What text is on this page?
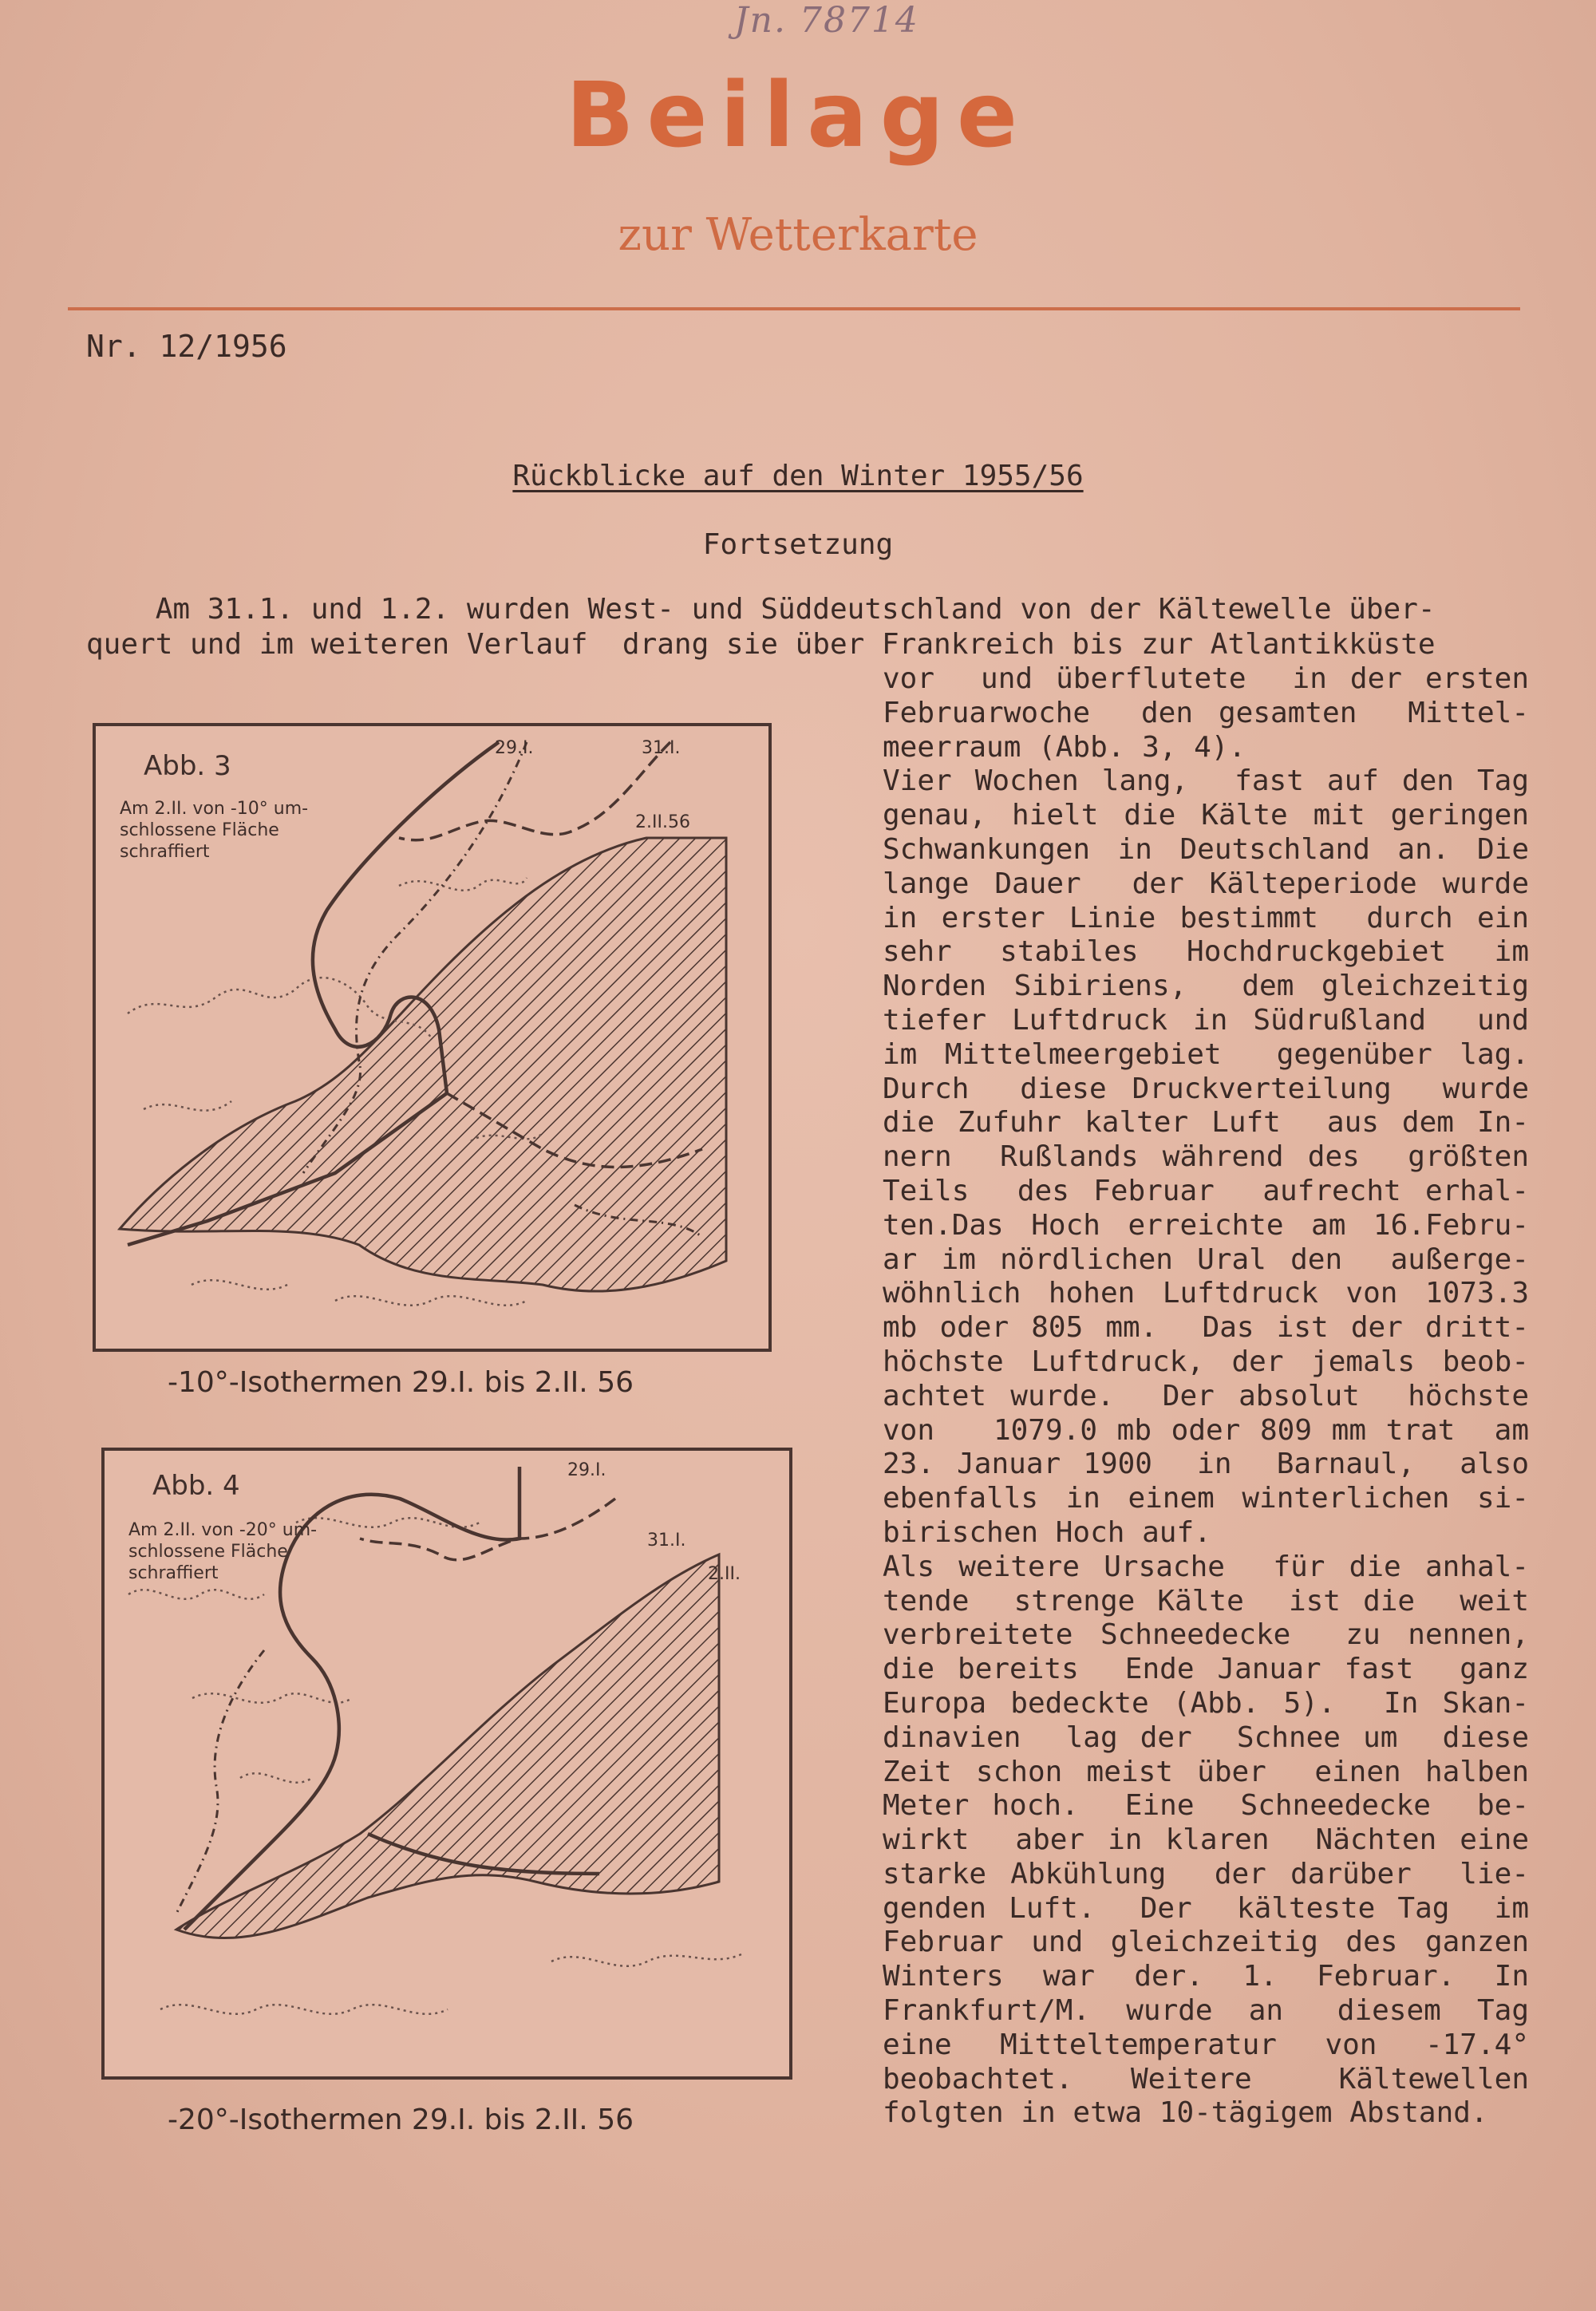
Jn. 78714
Beilage
zur Wetterkarte
Nr. 12/1956
Rückblicke auf den Winter 1955/56
Fortsetzung
Am 31.1. und 1.2. wurden West- und Süddeutschland von der Kältewelle über-
quert und im weiteren Verlauf  drang sie über Frankreich bis zur Atlantikküste
vor  und überflutete  in der ersten
Februarwoche  den gesamten  Mittel-
meerraum (Abb. 3, 4).
Vier Wochen lang,  fast auf den Tag
genau, hielt die Kälte mit geringen
Schwankungen in Deutschland an. Die
lange Dauer  der Kälteperiode wurde
in erster Linie bestimmt  durch ein
sehr  stabiles  Hochdruckgebiet  im
Norden Sibiriens,  dem gleichzeitig
tiefer Luftdruck in Südrußland  und
im Mittelmeergebiet  gegenüber lag.
Durch  diese Druckverteilung  wurde
die Zufuhr kalter Luft  aus dem In-
nern  Rußlands während des  größten
Teils  des Februar  aufrecht erhal-
ten.Das Hoch erreichte am 16.Febru-
ar im nördlichen Ural den  außerge-
wöhnlich hohen Luftdruck von 1073.3
mb oder 805 mm.  Das ist der dritt-
höchste Luftdruck, der jemals beob-
achtet wurde.  Der absolut  höchste
von   1079.0 mb oder 809 mm trat  am
23. Januar 1900  in  Barnaul,  also
ebenfalls in einem winterlichen si-
birischen Hoch auf.
Als weitere Ursache  für die anhal-
tende  strenge Kälte  ist die  weit
verbreitete Schneedecke  zu nennen,
die bereits  Ende Januar fast  ganz
Europa bedeckte (Abb. 5).  In Skan-
dinavien  lag der  Schnee um  diese
Zeit schon meist über  einen halben
Meter hoch.  Eine  Schneedecke  be-
wirkt  aber in klaren  Nächten eine
starke Abkühlung  der darüber  lie-
genden Luft.  Der  kälteste Tag  im
Februar und gleichzeitig des ganzen
Winters  war  der.  1.  Februar.  In
Frankfurt/M.  wurde  an   diesem  Tag
eine  Mitteltemperatur  von  -17.4°
beobachtet.  Weitere   Kältewellen
folgten in etwa 10-tägigem Abstand.
Abb. 3
Am 2.II. von -10° um-
schlossene Fläche
schraffiert
29.I.	31.I.
2.II.56
-10°-Isothermen 29.I. bis 2.II. 56
Abb. 4
Am 2.II. von -20° um-
schlossene Fläche
schraffiert
29.I.
31.I.
2.II.
-20°-Isothermen 29.I. bis 2.II. 56
